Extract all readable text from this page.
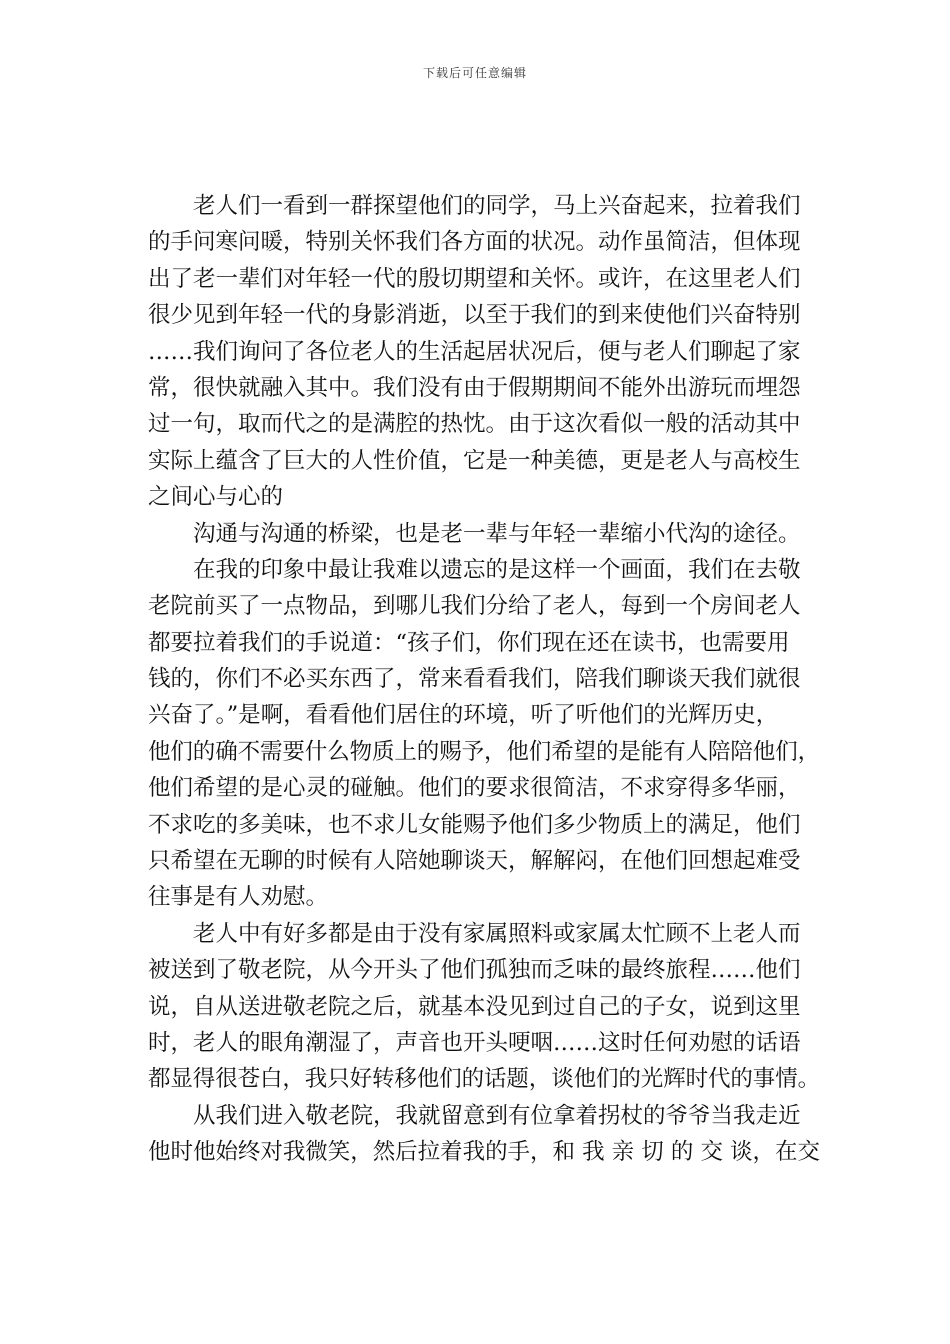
下载后可任意编辑
老人们一看到一群探望他们的同学，马上兴奋起来，拉着我们
的手问寒问暖，特别关怀我们各方面的状况。动作虽简洁，但体现
出了老一辈们对年轻一代的殷切期望和关怀。或许，在这里老人们
很少见到年轻一代的身影消逝，以至于我们的到来使他们兴奋特别
……我们询问了各位老人的生活起居状况后，便与老人们聊起了家
常，很快就融入其中。我们没有由于假期期间不能外出游玩而埋怨
过一句，取而代之的是满腔的热忱。由于这次看似一般的活动其中
实际上蕴含了巨大的人性价值，它是一种美德，更是老人与高校生
之间心与心的
沟通与沟通的桥梁，也是老一辈与年轻一辈缩小代沟的途径。
在我的印象中最让我难以遗忘的是这样一个画面，我们在去敬
老院前买了一点物品，到哪儿我们分给了老人，每到一个房间老人
都要拉着我们的手说道：“孩子们，你们现在还在读书，也需要用
钱的，你们不必买东西了，常来看看我们，陪我们聊谈天我们就很
兴奋了。”是啊，看看他们居住的环境，听了听他们的光辉历史，
他们的确不需要什么物质上的赐予，他们希望的是能有人陪陪他们，
他们希望的是心灵的碰触。他们的要求很简洁，不求穿得多华丽，
不求吃的多美味，也不求儿女能赐予他们多少物质上的满足，他们
只希望在无聊的时候有人陪她聊谈天，解解闷，在他们回想起难受
往事是有人劝慰。
老人中有好多都是由于没有家属照料或家属太忙顾不上老人而
被送到了敬老院，从今开头了他们孤独而乏味的最终旅程……他们
说，自从送进敬老院之后，就基本没见到过自己的子女，说到这里
时，老人的眼角潮湿了，声音也开头哽咽……这时任何劝慰的话语
都显得很苍白，我只好转移他们的话题，谈他们的光辉时代的事情。
从我们进入敬老院，我就留意到有位拿着拐杖的爷爷当我走近
他时他始终对我微笑，然后拉着我的手，和 我 亲 切 的 交 谈，在交
